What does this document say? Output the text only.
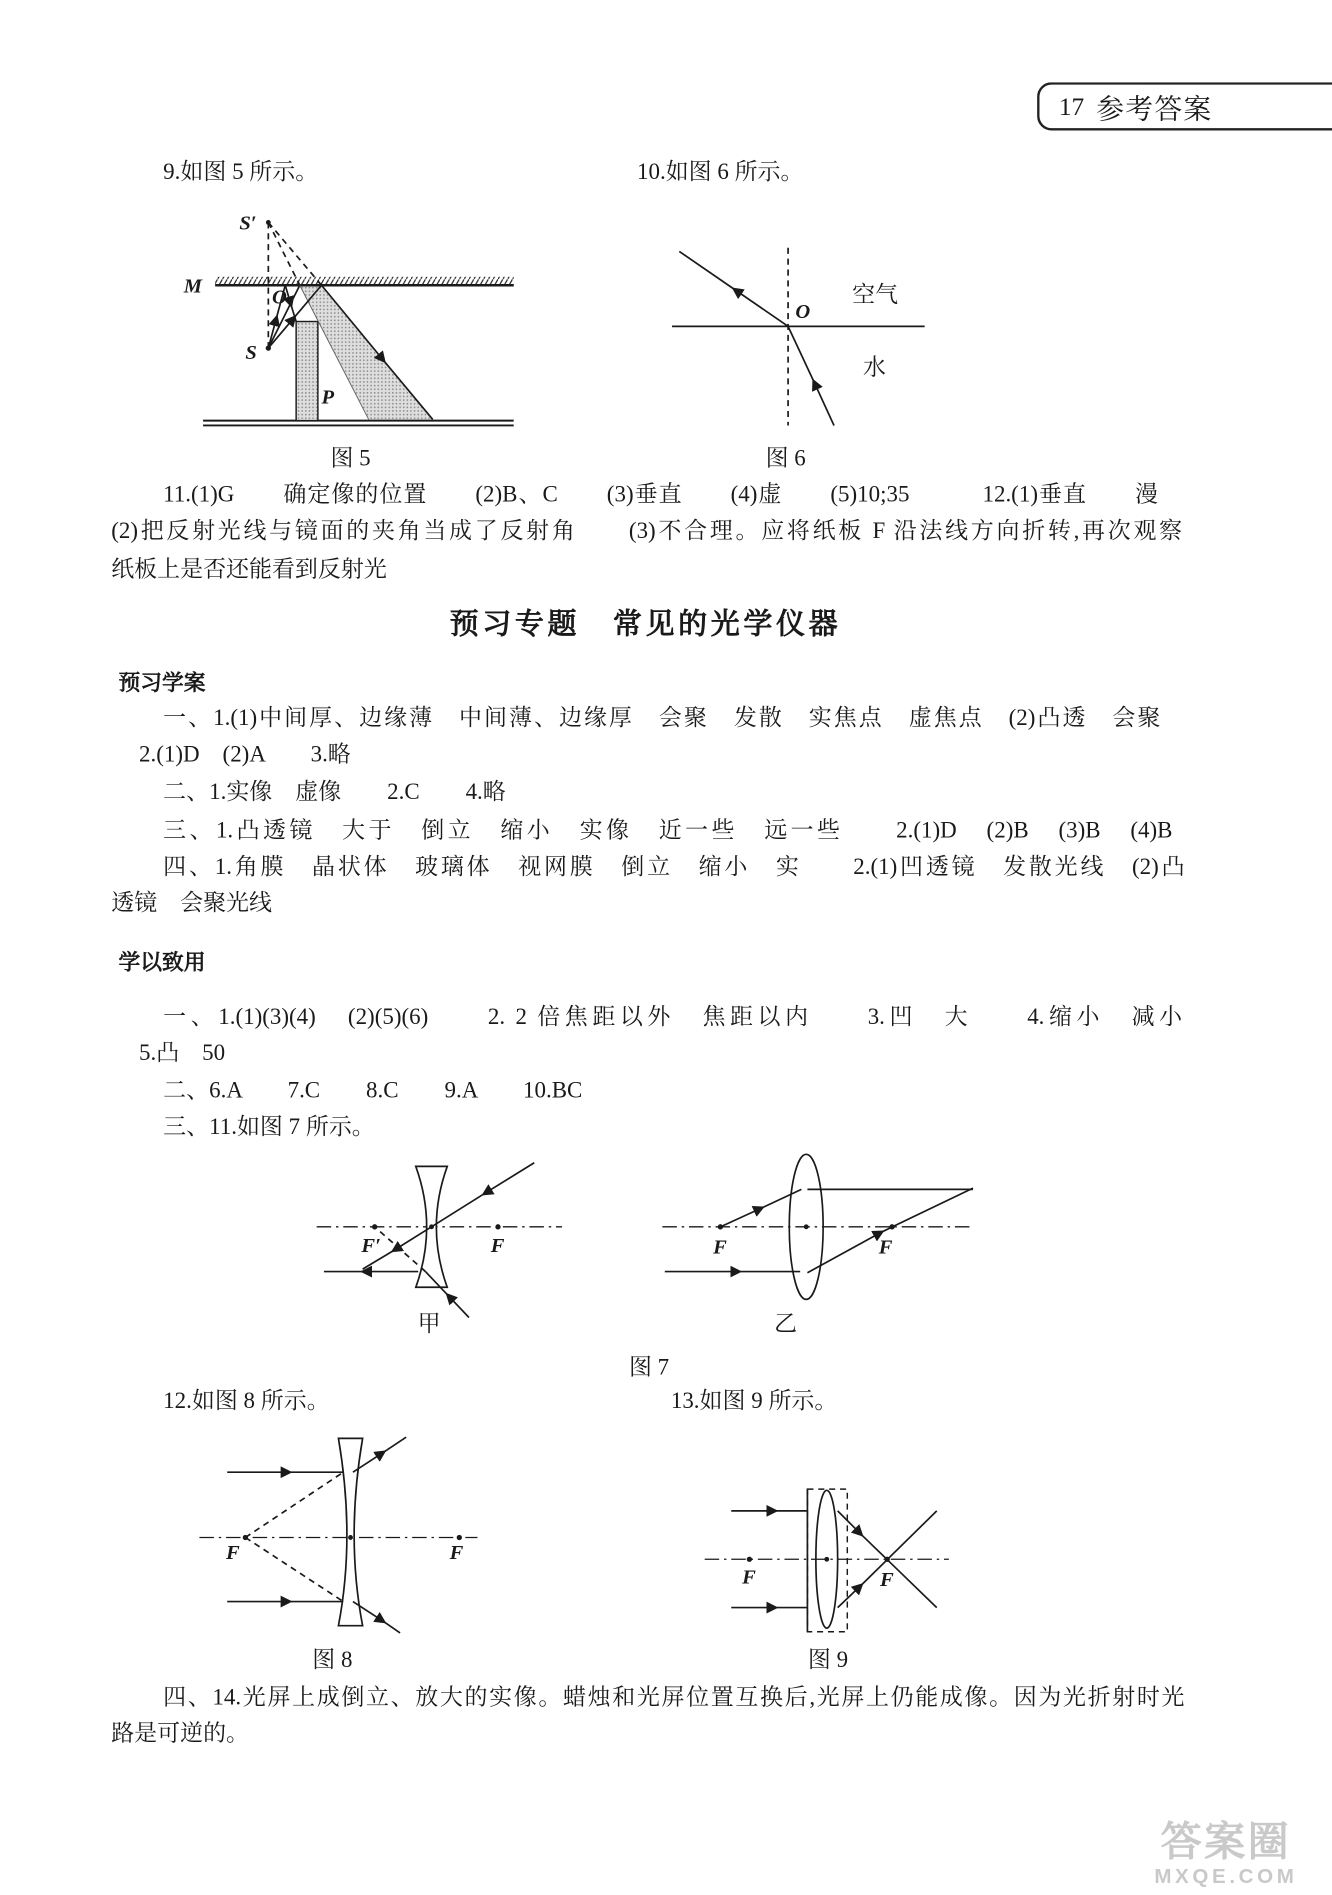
17 参考答案
9.如图 5 所示。	10.如图 6 所示。
11.(1)G　　确定像的位置　　(2)B、C　　(3)垂直　　(4)虚　　(5)10;35　　　12.(1)垂直　　漫
(2)把反射光线与镜面的夹角当成了反射角　　(3)不合理。应将纸板 F 沿法线方向折转,再次观察
纸板上是否还能看到反射光
预习专题　常见的光学仪器
预习学案
一、1.(1)中间厚、边缘薄　中间薄、边缘厚　会聚　发散　实焦点　虚焦点　(2)凸透　会聚
2.(1)D　(2)A　　3.略
二、1.实像　虚像　　2.C　　4.略
三、1.凸透镜　大于　倒立　缩小　实像　近一些　远一些　　2.(1)D　(2)B　(3)B　(4)B
四、1.角膜　晶状体　玻璃体　视网膜　倒立　缩小　实　　2.(1)凹透镜　发散光线　(2)凸
透镜　会聚光线
学以致用
一、1.(1)(3)(4)　(2)(5)(6)　　2. 2 倍焦距以外　焦距以内　　3.凹　大　　4.缩小　减小
5.凸　50
二、6.A　　7.C　　8.C　　9.A　　10.BC
三、11.如图 7 所示。
12.如图 8 所示。	13.如图 9 所示。
四、14.光屏上成倒立、放大的实像。蜡烛和光屏位置互换后,光屏上仍能成像。因为光折射时光
路是可逆的。
答案圈
MXQE.COM
S′
M	O
S
P
图 5
空气
O
水
图 6
F′	F
甲
F	F
乙
图 7
F	F
图 8
F	F
图 9
